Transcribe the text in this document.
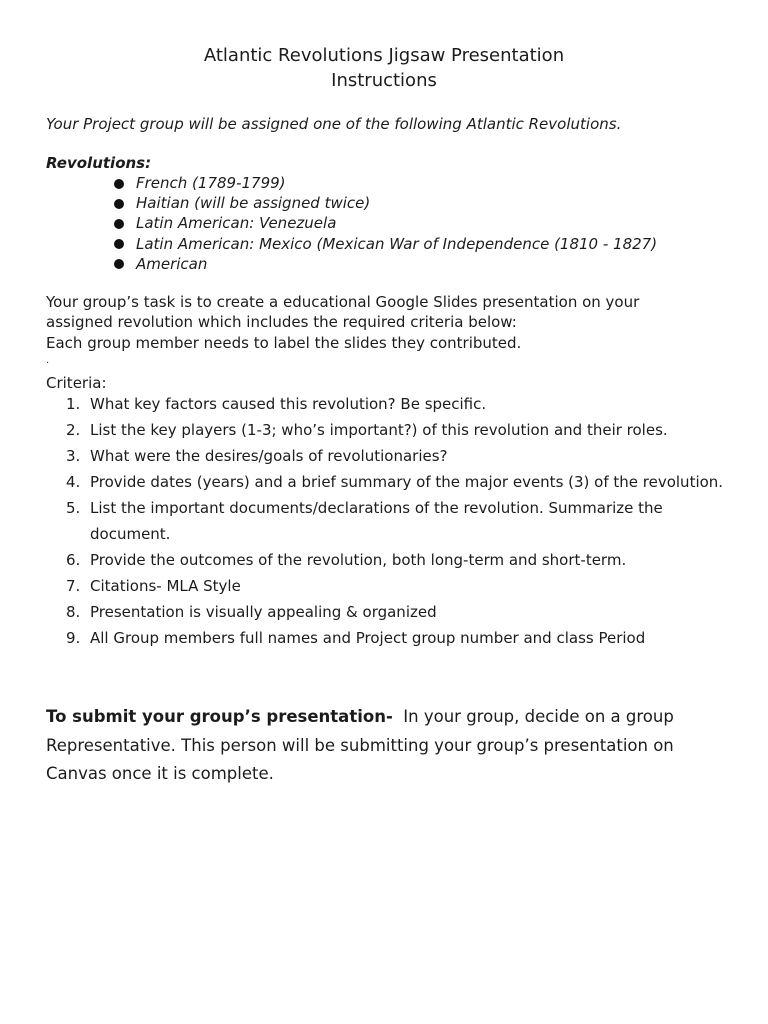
Atlantic Revolutions Jigsaw Presentation
Instructions

Your Project group will be assigned one of the following Atlantic Revolutions.

Revolutions:

French (1789-1799)
Haitian (will be assigned twice)
Latin American: Venezuela
Latin American: Mexico (Mexican War of Independence (1810 - 1827)
American

Your group’s task is to create a educational Google Slides presentation on your
assigned revolution which includes the required criteria below:
Each group member needs to label the slides they contributed.

.

Criteria:

1. What key factors caused this revolution? Be specific.
2. List the key players (1-3; who’s important?) of this revolution and their roles.
3. What were the desires/goals of revolutionaries?
4. Provide dates (years) and a brief summary of the major events (3) of the revolution.
5. List the important documents/declarations of the revolution. Summarize the document.
6. Provide the outcomes of the revolution, both long-term and short-term.
7. Citations- MLA Style
8. Presentation is visually appealing & organized
9. All Group members full names and Project group number and class Period

To submit your group’s presentation-  In your group, decide on a group
Representative. This person will be submitting your group’s presentation on
Canvas once it is complete.
